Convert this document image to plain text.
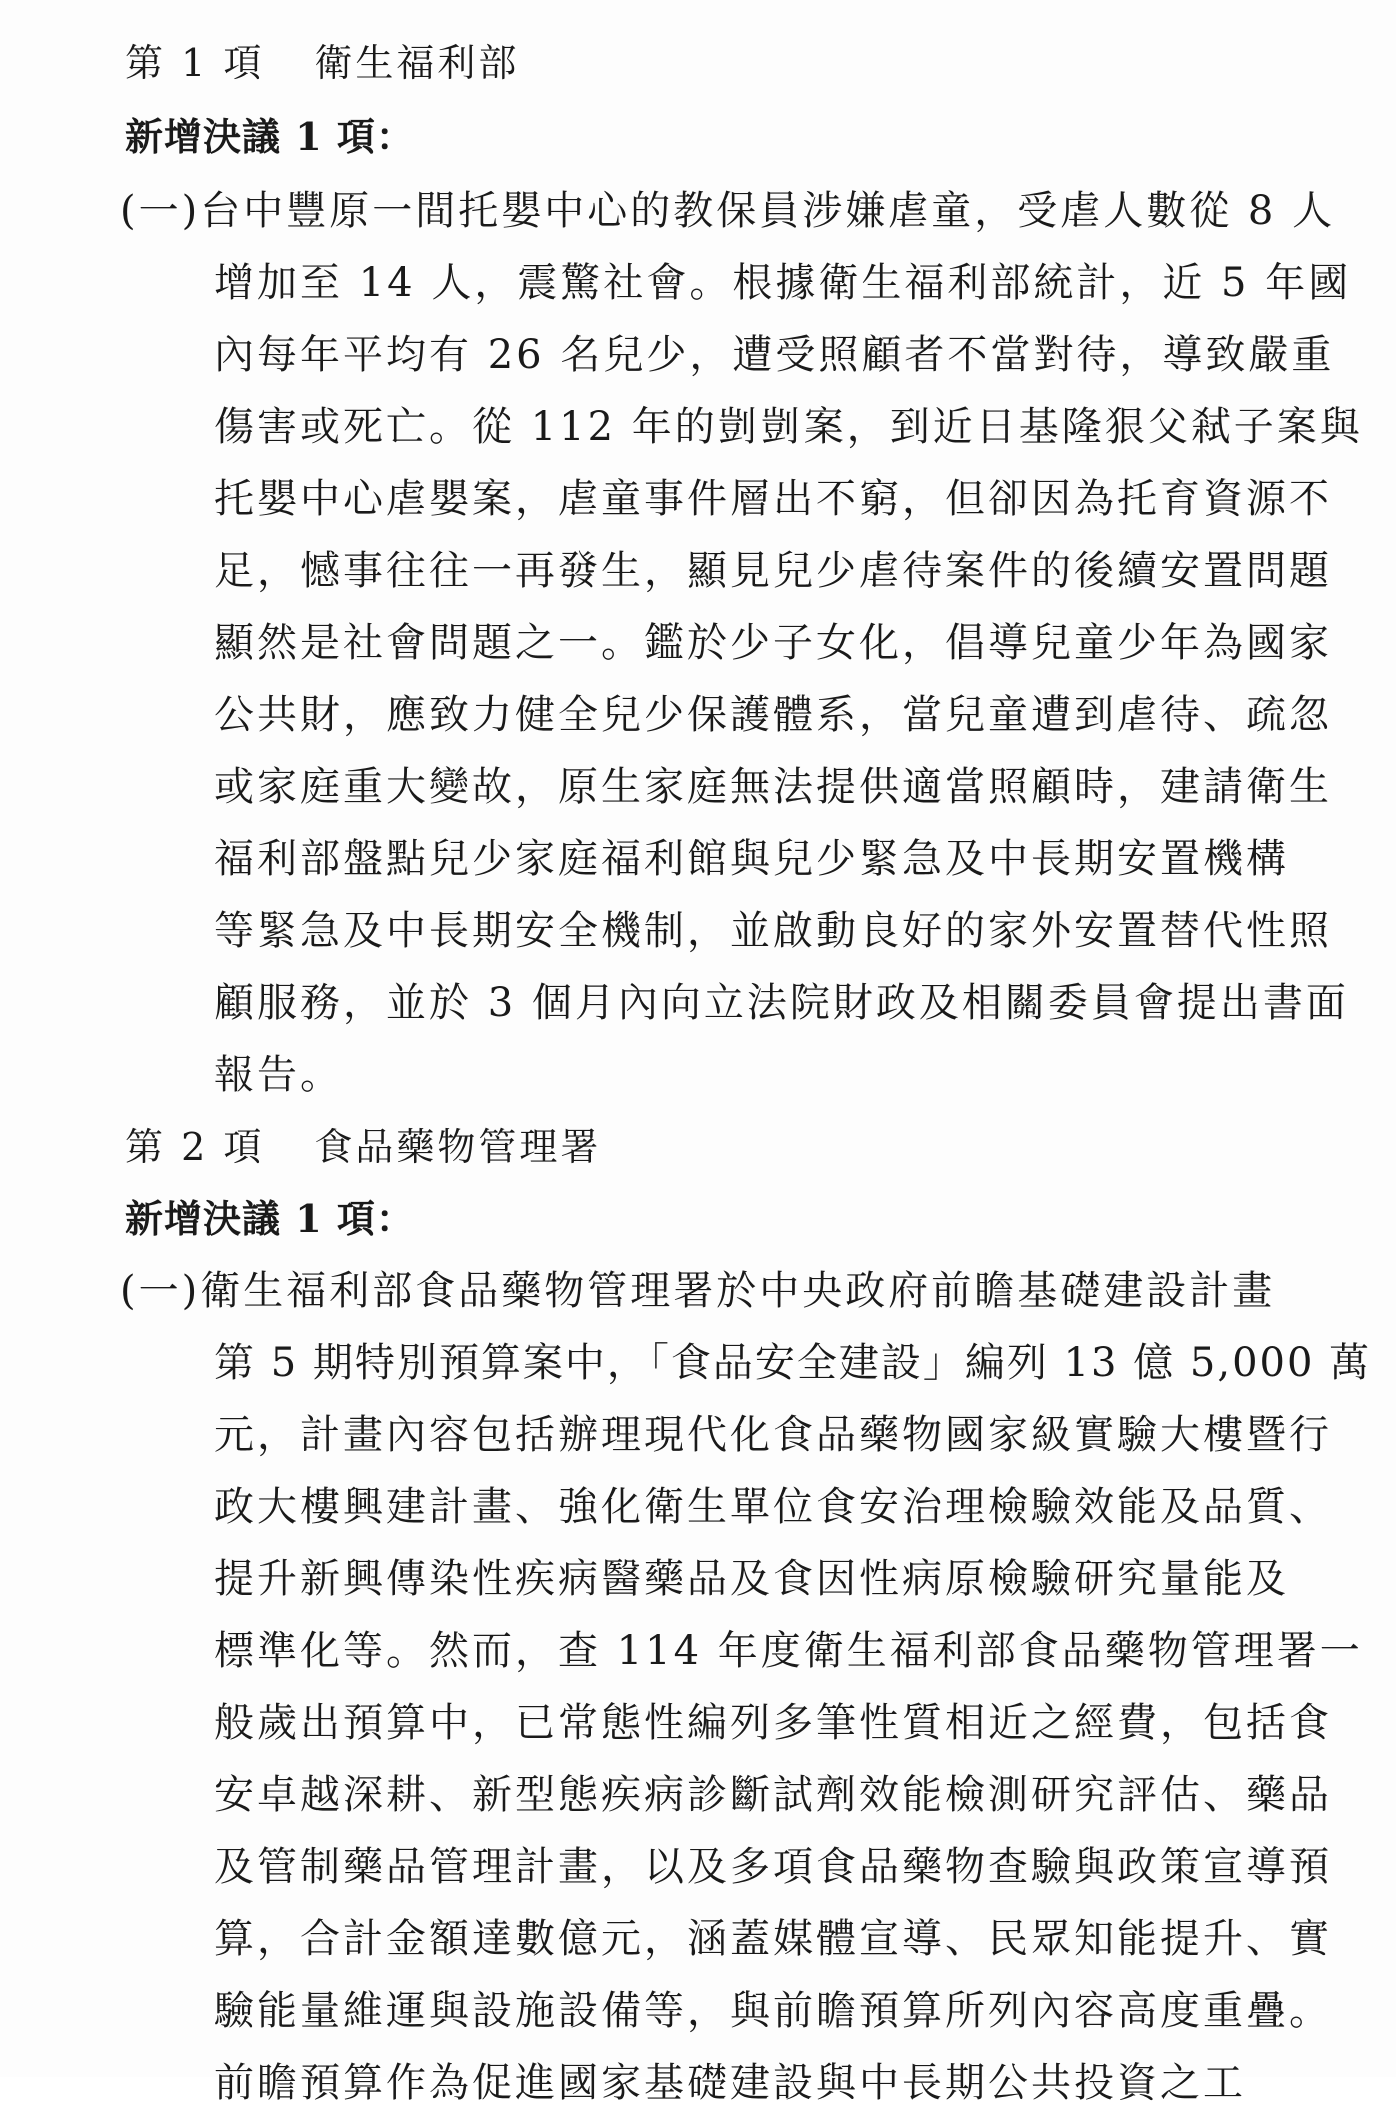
第 1 項 衛生福利部
新增決議 1 項：
(一)台中豐原一間托嬰中心的教保員涉嫌虐童，受虐人數從 8 人
增加至 14 人，震驚社會。根據衛生福利部統計，近 5 年國
內每年平均有 26 名兒少，遭受照顧者不當對待，導致嚴重
傷害或死亡。從 112 年的剴剴案，到近日基隆狠父弒子案與
托嬰中心虐嬰案，虐童事件層出不窮，但卻因為托育資源不
足，憾事往往一再發生，顯見兒少虐待案件的後續安置問題
顯然是社會問題之一。鑑於少子女化，倡導兒童少年為國家
公共財，應致力健全兒少保護體系，當兒童遭到虐待、疏忽
或家庭重大變故，原生家庭無法提供適當照顧時，建請衛生
福利部盤點兒少家庭福利館與兒少緊急及中長期安置機構
等緊急及中長期安全機制，並啟動良好的家外安置替代性照
顧服務，並於 3 個月內向立法院財政及相關委員會提出書面
報告。
第 2 項 食品藥物管理署
新增決議 1 項：
(一)衛生福利部食品藥物管理署於中央政府前瞻基礎建設計畫
第 5 期特別預算案中，「食品安全建設」編列 13 億 5,000 萬
元，計畫內容包括辦理現代化食品藥物國家級實驗大樓暨行
政大樓興建計畫、強化衛生單位食安治理檢驗效能及品質、
提升新興傳染性疾病醫藥品及食因性病原檢驗研究量能及
標準化等。然而，查 114 年度衛生福利部食品藥物管理署一
般歲出預算中，已常態性編列多筆性質相近之經費，包括食
安卓越深耕、新型態疾病診斷試劑效能檢測研究評估、藥品
及管制藥品管理計畫，以及多項食品藥物查驗與政策宣導預
算，合計金額達數億元，涵蓋媒體宣導、民眾知能提升、實
驗能量維運與設施設備等，與前瞻預算所列內容高度重疊。
前瞻預算作為促進國家基礎建設與中長期公共投資之工
